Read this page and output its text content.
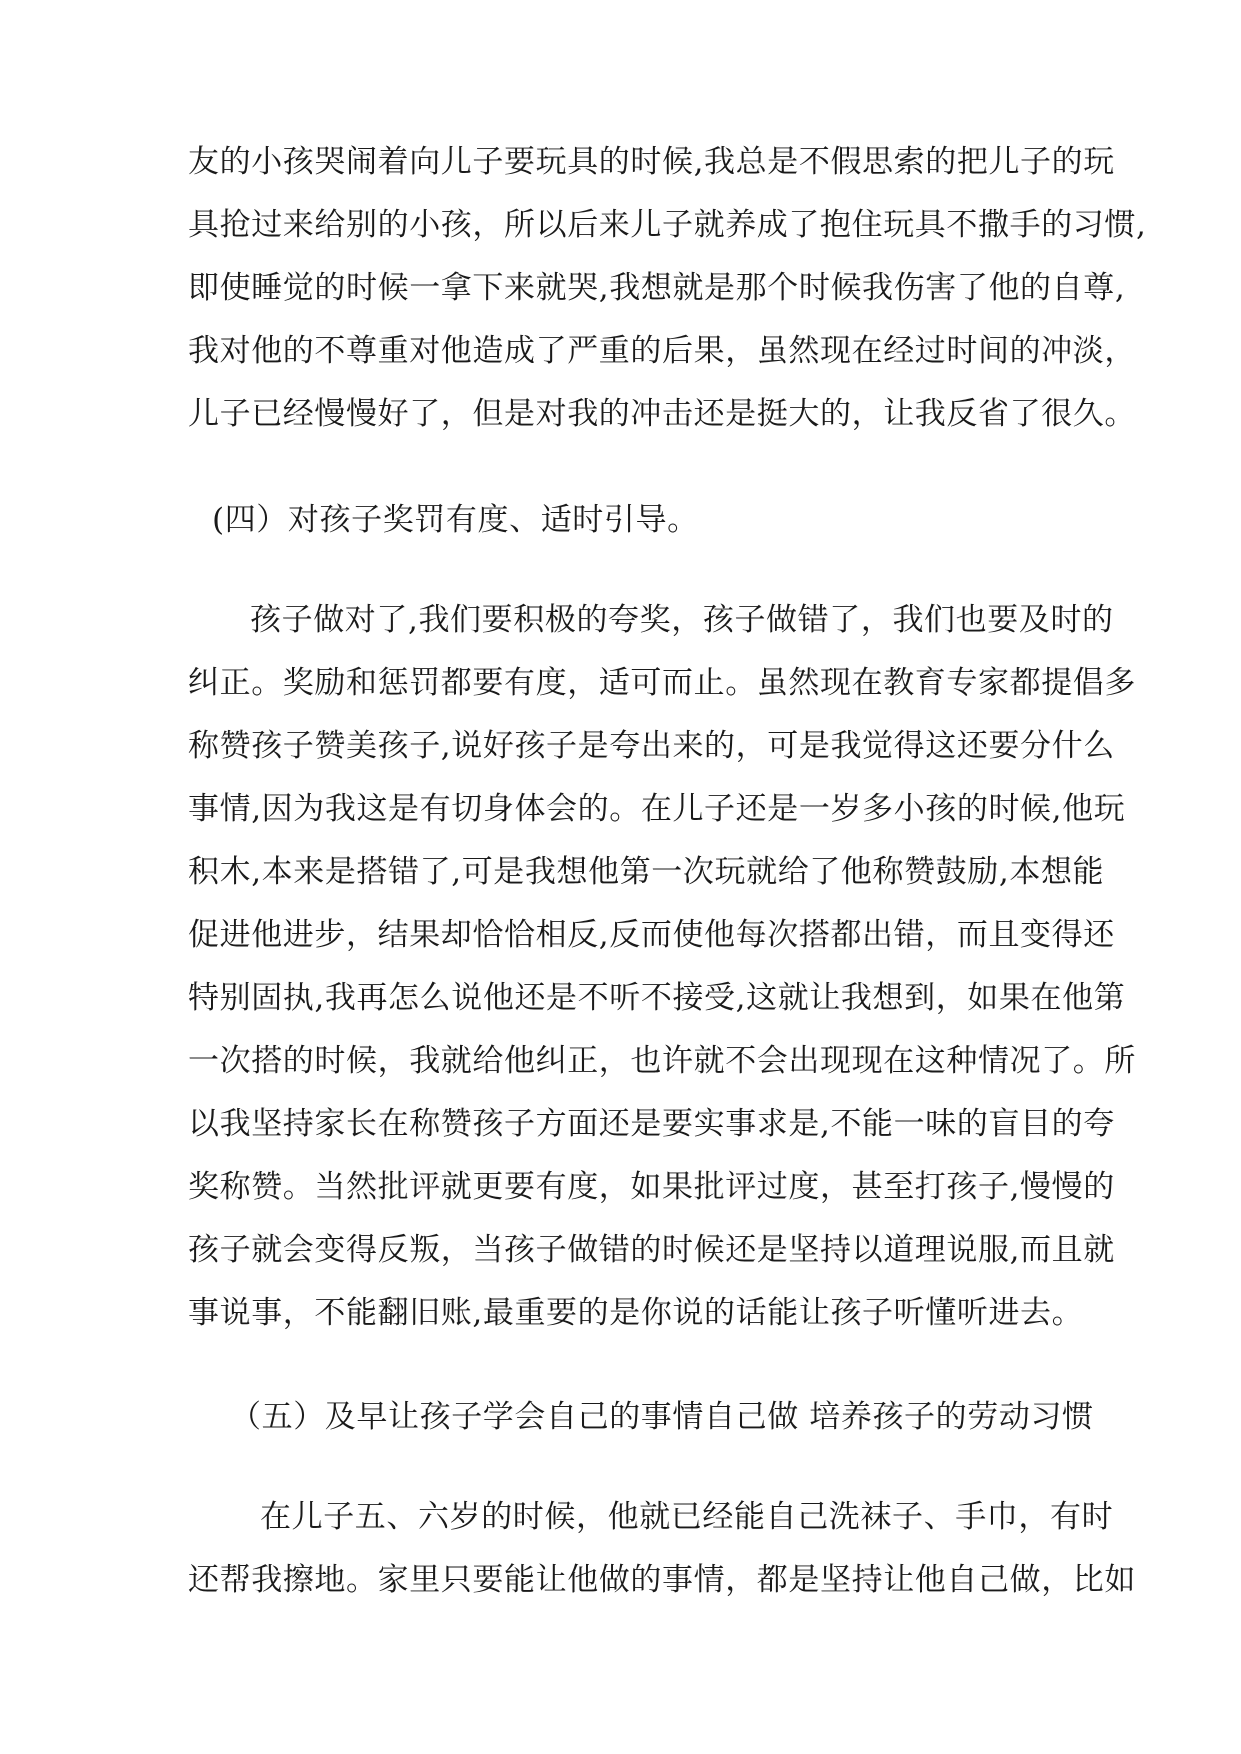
友的小孩哭闹着向儿子要玩具的时候,我总是不假思索的把儿子的玩
具抢过来给别的小孩，所以后来儿子就养成了抱住玩具不撒手的习惯,
即使睡觉的时候一拿下来就哭,我想就是那个时候我伤害了他的自尊,
我对他的不尊重对他造成了严重的后果，虽然现在经过时间的冲淡，
儿子已经慢慢好了，但是对我的冲击还是挺大的，让我反省了很久。
(四）对孩子奖罚有度、适时引导。
孩子做对了,我们要积极的夸奖，孩子做错了，我们也要及时的
纠正。奖励和惩罚都要有度，适可而止。虽然现在教育专家都提倡多
称赞孩子赞美孩子,说好孩子是夸出来的，可是我觉得这还要分什么
事情,因为我这是有切身体会的。在儿子还是一岁多小孩的时候,他玩
积木,本来是搭错了,可是我想他第一次玩就给了他称赞鼓励,本想能
促进他进步，结果却恰恰相反,反而使他每次搭都出错，而且变得还
特别固执,我再怎么说他还是不听不接受,这就让我想到，如果在他第
一次搭的时候，我就给他纠正，也许就不会出现现在这种情况了。所
以我坚持家长在称赞孩子方面还是要实事求是,不能一味的盲目的夸
奖称赞。当然批评就更要有度，如果批评过度，甚至打孩子,慢慢的
孩子就会变得反叛，当孩子做错的时候还是坚持以道理说服,而且就
事说事，不能翻旧账,最重要的是你说的话能让孩子听懂听进去。
（五）及早让孩子学会自己的事情自己做 培养孩子的劳动习惯
在儿子五、六岁的时候，他就已经能自己洗袜子、手巾，有时
还帮我擦地。家里只要能让他做的事情，都是坚持让他自己做，比如
